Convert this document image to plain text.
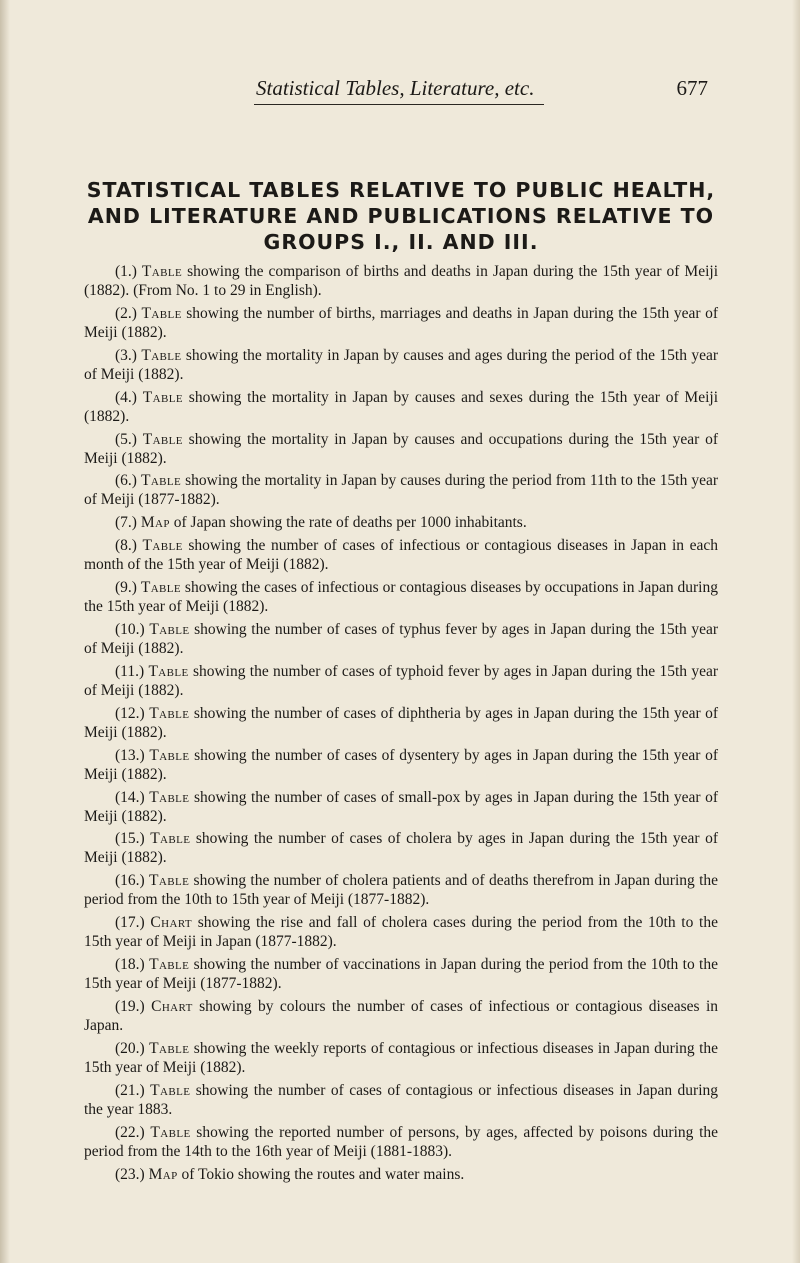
Statistical Tables, Literature, etc.	677
STATISTICAL TABLES RELATIVE TO PUBLIC HEALTH, AND LITERATURE AND PUBLICATIONS RELATIVE TO GROUPS I., II. AND III.

(1.) Table showing the comparison of births and deaths in Japan during the 15th year of Meiji (1882). (From No. 1 to 29 in English).

(2.) Table showing the number of births, marriages and deaths in Japan during the 15th year of Meiji (1882).

(3.) Table showing the mortality in Japan by causes and ages during the period of the 15th year of Meiji (1882).

(4.) Table showing the mortality in Japan by causes and sexes during the 15th year of Meiji (1882).

(5.) Table showing the mortality in Japan by causes and occupations during the 15th year of Meiji (1882).

(6.) Table showing the mortality in Japan by causes during the period from 11th to the 15th year of Meiji (1877-1882).

(7.) Map of Japan showing the rate of deaths per 1000 inhabitants.

(8.) Table showing the number of cases of infectious or contagious diseases in Japan in each month of the 15th year of Meiji (1882).

(9.) Table showing the cases of infectious or contagious diseases by occupations in Japan during the 15th year of Meiji (1882).

(10.) Table showing the number of cases of typhus fever by ages in Japan during the 15th year of Meiji (1882).

(11.) Table showing the number of cases of typhoid fever by ages in Japan during the 15th year of Meiji (1882).

(12.) Table showing the number of cases of diphtheria by ages in Japan during the 15th year of Meiji (1882).

(13.) Table showing the number of cases of dysentery by ages in Japan during the 15th year of Meiji (1882).

(14.) Table showing the number of cases of small-pox by ages in Japan during the 15th year of Meiji (1882).

(15.) Table showing the number of cases of cholera by ages in Japan during the 15th year of Meiji (1882).

(16.) Table showing the number of cholera patients and of deaths therefrom in Japan during the period from the 10th to 15th year of Meiji (1877-1882).

(17.) Chart showing the rise and fall of cholera cases during the period from the 10th to the 15th year of Meiji in Japan (1877-1882).

(18.) Table showing the number of vaccinations in Japan during the period from the 10th to the 15th year of Meiji (1877-1882).

(19.) Chart showing by colours the number of cases of infectious or contagious diseases in Japan.

(20.) Table showing the weekly reports of contagious or infectious diseases in Japan during the 15th year of Meiji (1882).

(21.) Table showing the number of cases of contagious or infectious diseases in Japan during the year 1883.

(22.) Table showing the reported number of persons, by ages, affected by poisons during the period from the 14th to the 16th year of Meiji (1881-1883).

(23.) Map of Tokio showing the routes and water mains.
